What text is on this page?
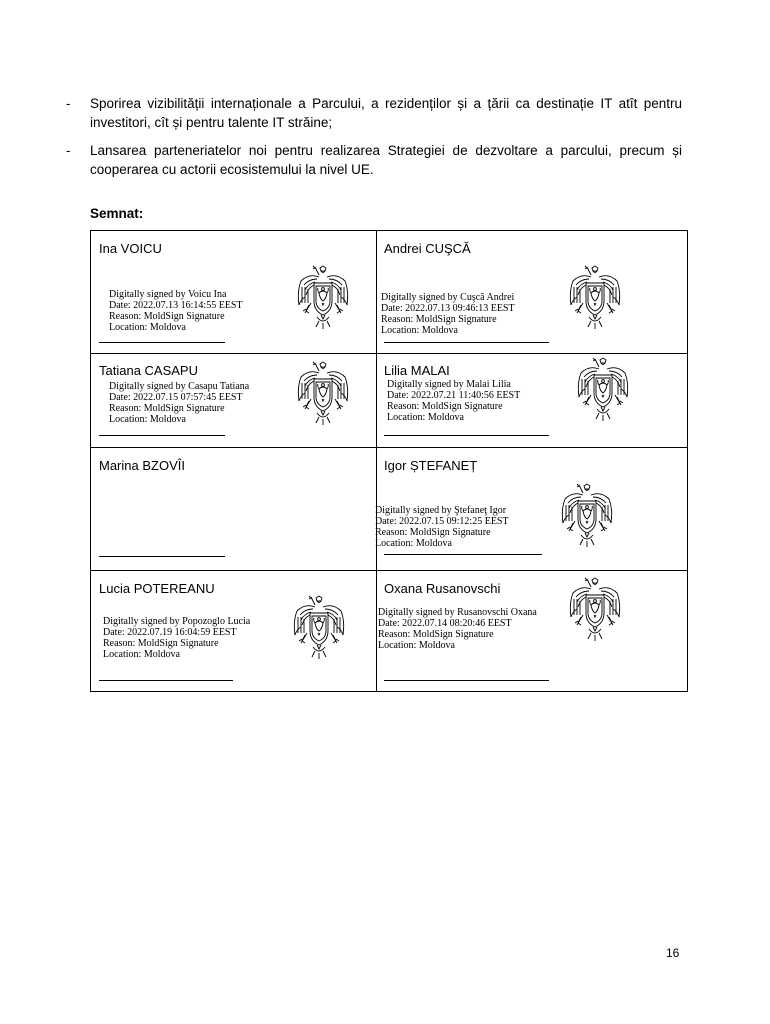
- Sporirea vizibilității internaționale a Parcului, a rezidenților și a țării ca destinație IT atît pentru investitori, cît și pentru talente IT străine;
- Lansarea parteneriatelor noi pentru realizarea Strategiei de dezvoltare a parcului, precum și cooperarea cu actorii ecosistemului la nivel UE.
Semnat:
Ina VOICU
Digitally signed by Voicu Ina
Date: 2022.07.13 16:14:55 EEST
Reason: MoldSign Signature
Location: Moldova
Andrei CUŞCĂ
Digitally signed by Cuşcă Andrei
Date: 2022.07.13 09:46:13 EEST
Reason: MoldSign Signature
Location: Moldova
Tatiana CASAPU
Digitally signed by Casapu Tatiana
Date: 2022.07.15 07:57:45 EEST
Reason: MoldSign Signature
Location: Moldova
Lilia MALAI
Digitally signed by Malai Lilia
Date: 2022.07.21 11:40:56 EEST
Reason: MoldSign Signature
Location: Moldova
Marina BZOVÎI	Igor ȘTEFANEȚ
Digitally signed by Ştefaneţ Igor
Date: 2022.07.15 09:12:25 EEST
Reason: MoldSign Signature
Location: Moldova
Lucia POTEREANU
Digitally signed by Popozoglo Lucia
Date: 2022.07.19 16:04:59 EEST
Reason: MoldSign Signature
Location: Moldova
Oxana Rusanovschi
Digitally signed by Rusanovschi Oxana
Date: 2022.07.14 08:20:46 EEST
Reason: MoldSign Signature
Location: Moldova
16
